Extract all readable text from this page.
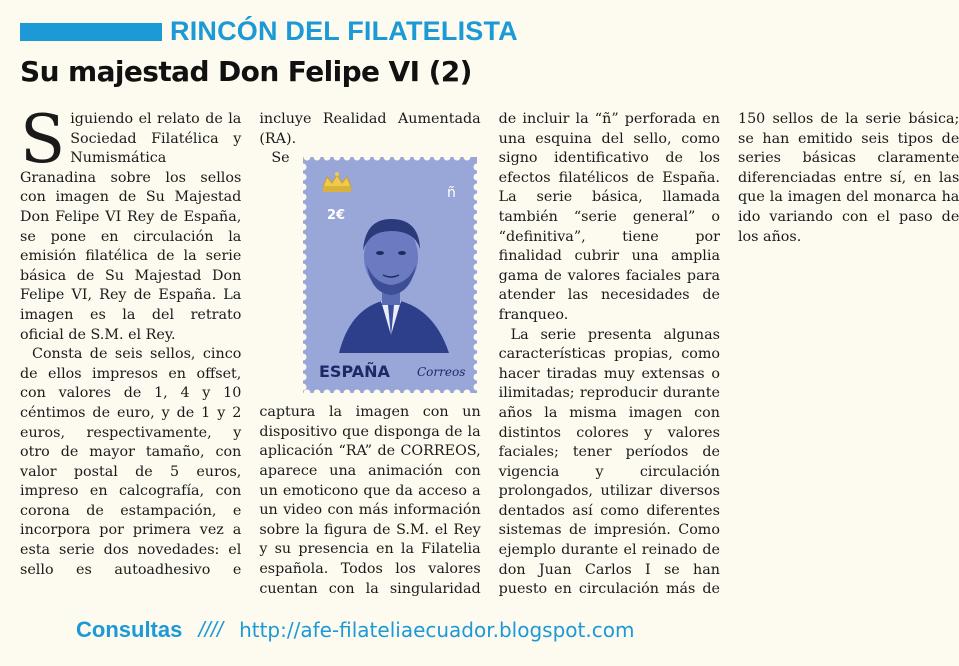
RINCÓN DEL FILATELISTA
Su majestad Don Felipe VI (2)

Siguiendo el relato de la Sociedad Filatélica y Numismática Granadina sobre los sellos con imagen de Su Majestad Don Felipe VI Rey de España, se pone en circulación la emisión filatélica de la serie básica de Su Majestad Don Felipe VI, Rey de España. La imagen es la del retrato oficial de S.M. el Rey.

Consta de seis sellos, cinco de ellos impresos en offset, con valores de 1, 4 y 10 céntimos de euro, y de 1 y 2 euros, respectivamente, y otro de mayor tamaño, con valor postal de 5 euros, impreso en calcografía, con corona de estampación, e incorpora por primera vez a esta serie dos novedades: el sello es autoadhesivo e incluye Realidad Aumentada (RA).

2€
ñ
ESPAÑA Correos
Se captura la imagen con un dispositivo que disponga de la aplicación “RA” de CORREOS, aparece una animación con un emoticono que da acceso a un video con más información sobre la figura de S.M. el Rey y su presencia en la Filatelia española. Todos los valores cuentan con la singularidad de incluir la “ñ” perforada en una esquina del sello, como signo identificativo de los efectos filatélicos de España. La serie básica, llamada también “serie general” o “definitiva”, tiene por finalidad cubrir una amplia gama de valores faciales para atender las necesidades de franqueo.

La serie presenta algunas características propias, como hacer tiradas muy extensas o ilimitadas; reproducir durante años la misma imagen con distintos colores y valores faciales; tener períodos de vigencia y circulación prolongados, utilizar diversos dentados así como diferentes sistemas de impresión. Como ejemplo durante el reinado de don Juan Carlos I se han puesto en circulación más de 150 sellos de la serie básica; se han emitido seis tipos de series básicas claramente diferenciadas entre sí, en las que la imagen del monarca ha ido variando con el paso de los años.

Consultas //// http://afe-filateliaecuador.blogspot.com
